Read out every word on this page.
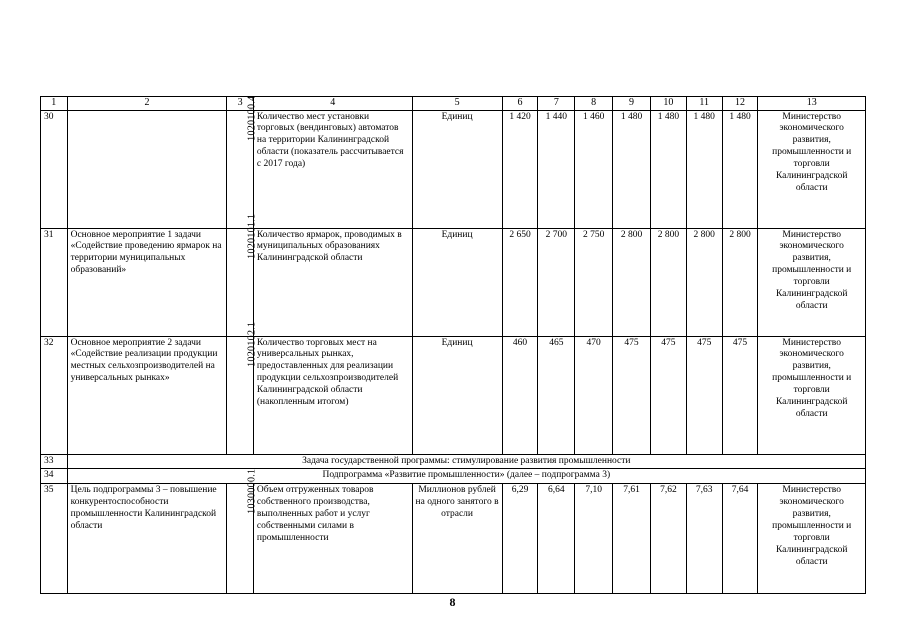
1	2	3	4	5	6	7	8	9	10	11	12	13
30		1020100.4	Количество мест установки торговых (вендинговых) автоматов на территории Калининградской области (показатель рассчитывается с 2017 года)	Единиц	1 420	1 440	1 460	1 480	1 480	1 480	1 480	Министерство экономического развития, промышленности и торговли Калининградской области
31	Основное мероприятие 1 задачи «Содействие проведению ярмарок на территории муниципальных образований»	1020101.1	Количество ярмарок, проводимых в муниципальных образованиях Калининградской области	Единиц	2 650	2 700	2 750	2 800	2 800	2 800	2 800	Министерство экономического развития, промышленности и торговли Калининградской области
32	Основное мероприятие 2 задачи «Содействие реализации продукции местных сельхозпроизводителей на универсальных рынках»	1020102.1	Количество торговых мест на универсальных рынках, предоставленных для реализации продукции сельхозпроизводителей Калининградской области (накопленным итогом)	Единиц	460	465	470	475	475	475	475	Министерство экономического развития, промышленности и торговли Калининградской области
33	Задача государственной программы: стимулирование развития промышленности											
34	Подпрограмма «Развитие промышленности» (далее – подпрограмма 3)											
35	Цель подпрограммы 3 – повышение конкурентоспособности промышленности Калининградской области	1030000.1	Объем отгруженных товаров собственного производства, выполненных работ и услуг собственными силами в промышленности	Миллионов рублей на одного занятого в отрасли	6,29	6,64	7,10	7,61	7,62	7,63	7,64	Министерство экономического развития, промышленности и торговли Калининградской области
8
